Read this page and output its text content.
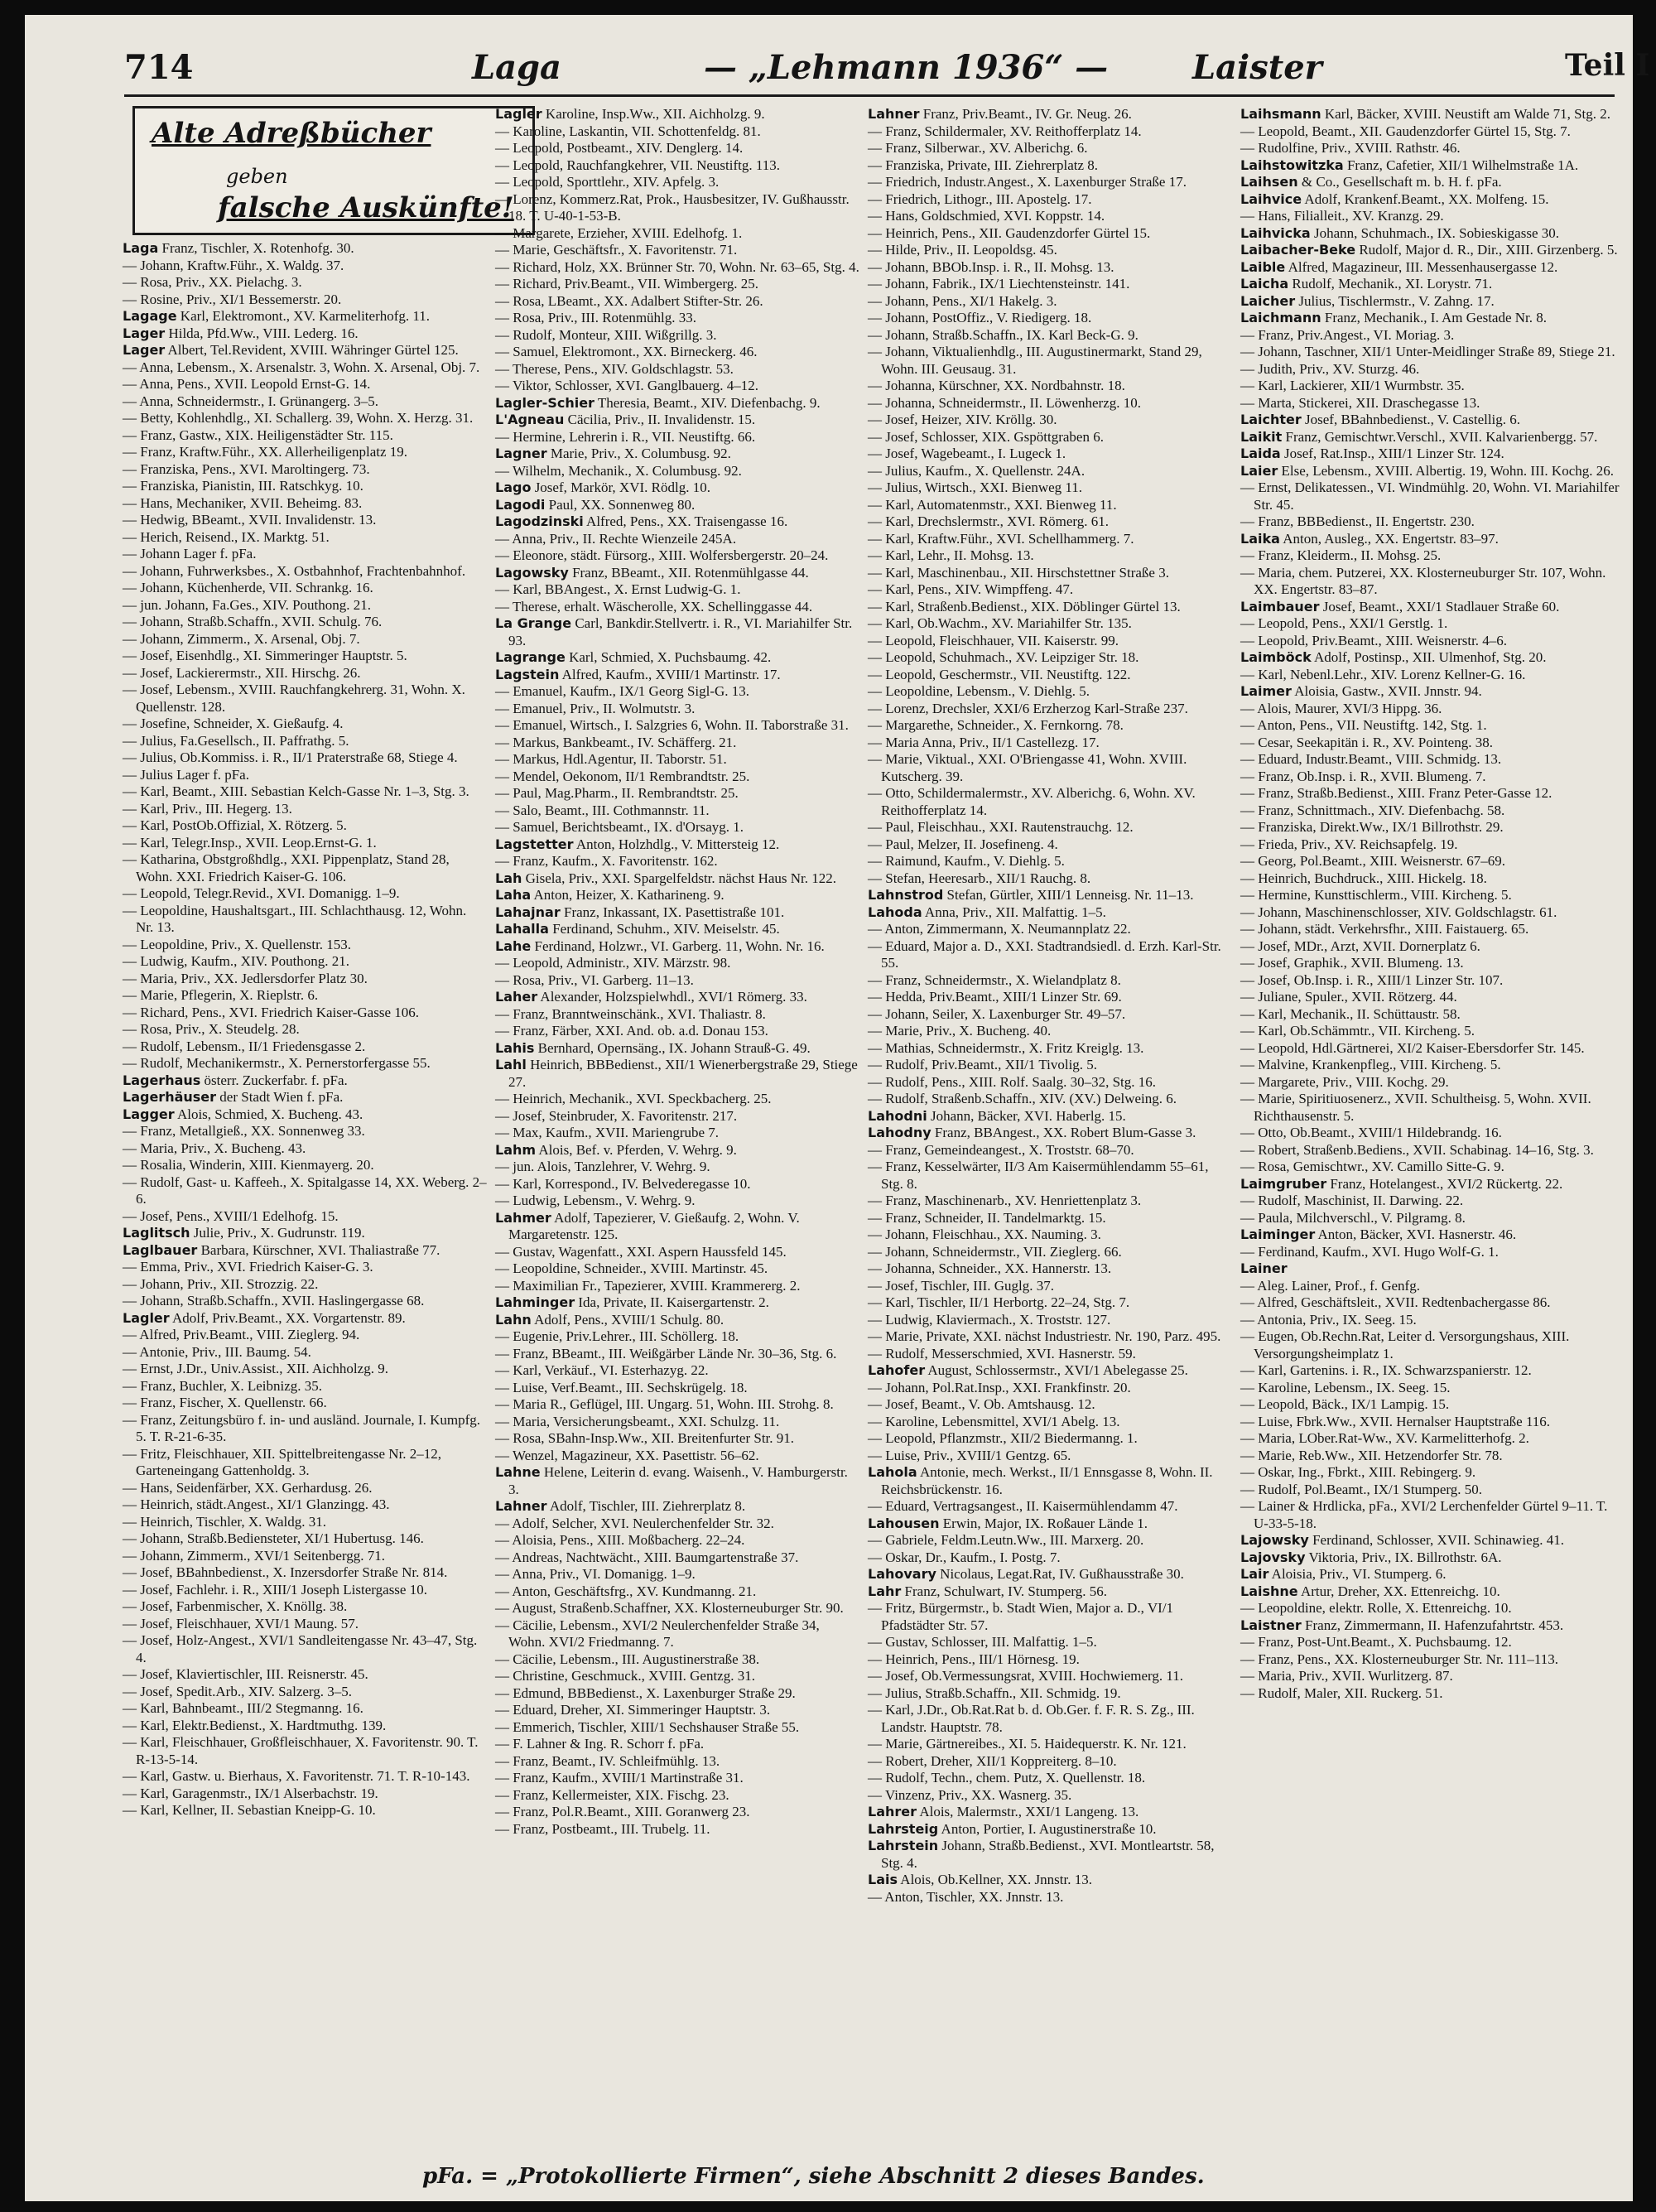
714	Laga	— „Lehmann 1936“ —	Laister	Teil I
Alte Adreßbücher
geben
falsche Auskünfte!

Laga Franz, Tischler, X. Rotenhofg. 30.

— Johann, Kraftw.Führ., X. Waldg. 37.

— Rosa, Priv., XX. Pielachg. 3.

— Rosine, Priv., XI/1 Bessemerstr. 20.

Lagage Karl, Elektromont., XV. Karmeliterhofg. 11.

Lager Hilda, Pfd.Ww., VIII. Lederg. 16.

Lager Albert, Tel.Revident, XVIII. Währinger Gürtel 125.

— Anna, Lebensm., X. Arsenalstr. 3, Wohn. X. Arsenal, Obj. 7.

— Anna, Pens., XVII. Leopold Ernst-G. 14.

— Anna, Schneidermstr., I. Grünangerg. 3–5.

— Betty, Kohlenhdlg., XI. Schallerg. 39, Wohn. X. Herzg. 31.

— Franz, Gastw., XIX. Heiligenstädter Str. 115.

— Franz, Kraftw.Führ., XX. Allerheiligenplatz 19.

— Franziska, Pens., XVI. Maroltingerg. 73.

— Franziska, Pianistin, III. Ratschkyg. 10.

— Hans, Mechaniker, XVII. Beheimg. 83.

— Hedwig, BBeamt., XVII. Invalidenstr. 13.

— Herich, Reisend., IX. Marktg. 51.

— Johann Lager f. pFa.

— Johann, Fuhrwerksbes., X. Ostbahnhof, Frachtenbahnhof.

— Johann, Küchenherde, VII. Schrankg. 16.

— jun. Johann, Fa.Ges., XIV. Pouthong. 21.

— Johann, Straßb.Schaffn., XVII. Schulg. 76.

— Johann, Zimmerm., X. Arsenal, Obj. 7.

— Josef, Eisenhdlg., XI. Simmeringer Hauptstr. 5.

— Josef, Lackierermstr., XII. Hirschg. 26.

— Josef, Lebensm., XVIII. Rauchfangkehrerg. 31, Wohn. X. Quellenstr. 128.

— Josefine, Schneider, X. Gießaufg. 4.

— Julius, Fa.Gesellsch., II. Paffrathg. 5.

— Julius, Ob.Kommiss. i. R., II/1 Praterstraße 68, Stiege 4.

— Julius Lager f. pFa.

— Karl, Beamt., XIII. Sebastian Kelch-Gasse Nr. 1–3, Stg. 3.

— Karl, Priv., III. Hegerg. 13.

— Karl, PostOb.Offizial, X. Rötzerg. 5.

— Karl, Telegr.Insp., XVII. Leop.Ernst-G. 1.

— Katharina, Obstgroßhdlg., XXI. Pippenplatz, Stand 28, Wohn. XXI. Friedrich Kaiser-G. 106.

— Leopold, Telegr.Revid., XVI. Domanigg. 1–9.

— Leopoldine, Haushaltsgart., III. Schlachthausg. 12, Wohn. Nr. 13.

— Leopoldine, Priv., X. Quellenstr. 153.

— Ludwig, Kaufm., XIV. Pouthong. 21.

— Maria, Priv., XX. Jedlersdorfer Platz 30.

— Marie, Pflegerin, X. Rieplstr. 6.

— Richard, Pens., XVI. Friedrich Kaiser-Gasse 106.

— Rosa, Priv., X. Steudelg. 28.

— Rudolf, Lebensm., II/1 Friedensgasse 2.

— Rudolf, Mechanikermstr., X. Pernerstorfergasse 55.

Lagerhaus österr. Zuckerfabr. f. pFa.

Lagerhäuser der Stadt Wien f. pFa.

Lagger Alois, Schmied, X. Bucheng. 43.

— Franz, Metallgieß., XX. Sonnenweg 33.

— Maria, Priv., X. Bucheng. 43.

— Rosalia, Winderin, XIII. Kienmayerg. 20.

— Rudolf, Gast- u. Kaffeeh., X. Spitalgasse 14, XX. Weberg. 2–6.

— Josef, Pens., XVIII/1 Edelhofg. 15.

Laglitsch Julie, Priv., X. Gudrunstr. 119.

Laglbauer Barbara, Kürschner, XVI. Thaliastraße 77.

— Emma, Priv., XVI. Friedrich Kaiser-G. 3.

— Johann, Priv., XII. Strozzig. 22.

— Johann, Straßb.Schaffn., XVII. Haslingergasse 68.

Lagler Adolf, Priv.Beamt., XX. Vorgartenstr. 89.

— Alfred, Priv.Beamt., VIII. Zieglerg. 94.

— Antonie, Priv., III. Baumg. 54.

— Ernst, J.Dr., Univ.Assist., XII. Aichholzg. 9.

— Franz, Buchler, X. Leibnizg. 35.

— Franz, Fischer, X. Quellenstr. 66.

— Franz, Zeitungsbüro f. in- und ausländ. Journale, I. Kumpfg. 5. T. R-21-6-35.

— Fritz, Fleischhauer, XII. Spittelbreitengasse Nr. 2–12, Garteneingang Gattenholdg. 3.

— Hans, Seidenfärber, XX. Gerhardusg. 26.

— Heinrich, städt.Angest., XI/1 Glanzingg. 43.

— Heinrich, Tischler, X. Waldg. 31.

— Johann, Straßb.Bediensteter, XI/1 Hubertusg. 146.

— Johann, Zimmerm., XVI/1 Seitenbergg. 71.

— Josef, BBahnbedienst., X. Inzersdorfer Straße Nr. 814.

— Josef, Fachlehr. i. R., XIII/1 Joseph Listergasse 10.

— Josef, Farbenmischer, X. Knöllg. 38.

— Josef, Fleischhauer, XVI/1 Maung. 57.

— Josef, Holz-Angest., XVI/1 Sandleitengasse Nr. 43–47, Stg. 4.

— Josef, Klaviertischler, III. Reisnerstr. 45.

— Josef, Spedit.Arb., XIV. Salzerg. 3–5.

— Karl, Bahnbeamt., III/2 Stegmanng. 16.

— Karl, Elektr.Bedienst., X. Hardtmuthg. 139.

— Karl, Fleischhauer, Großfleischhauer, X. Favoritenstr. 90. T. R-13-5-14.

— Karl, Gastw. u. Bierhaus, X. Favoritenstr. 71. T. R-10-143.

— Karl, Garagenmstr., IX/1 Alserbachstr. 19.

— Karl, Kellner, II. Sebastian Kneipp-G. 10.

Lagler Karoline, Insp.Ww., XII. Aichholzg. 9.

— Karoline, Laskantin, VII. Schottenfeldg. 81.

— Leopold, Postbeamt., XIV. Denglerg. 14.

— Leopold, Rauchfangkehrer, VII. Neustiftg. 113.

— Leopold, Sporttlehr., XIV. Apfelg. 3.

— Lorenz, Kommerz.Rat, Prok., Hausbesitzer, IV. Gußhausstr. 18. T. U-40-1-53-B.

— Margarete, Erzieher, XVIII. Edelhofg. 1.

— Marie, Geschäftsfr., X. Favoritenstr. 71.

— Richard, Holz, XX. Brünner Str. 70, Wohn. Nr. 63–65, Stg. 4.

— Richard, Priv.Beamt., VII. Wimbergerg. 25.

— Rosa, LBeamt., XX. Adalbert Stifter-Str. 26.

— Rosa, Priv., III. Rotenmühlg. 33.

— Rudolf, Monteur, XIII. Wißgrillg. 3.

— Samuel, Elektromont., XX. Birneckerg. 46.

— Therese, Pens., XIV. Goldschlagstr. 53.

— Viktor, Schlosser, XVI. Ganglbauerg. 4–12.

Lagler-Schier Theresia, Beamt., XIV. Diefenbachg. 9.

L'Agneau Cäcilia, Priv., II. Invalidenstr. 15.

— Hermine, Lehrerin i. R., VII. Neustiftg. 66.

Lagner Marie, Priv., X. Columbusg. 92.

— Wilhelm, Mechanik., X. Columbusg. 92.

Lago Josef, Markör, XVI. Rödlg. 10.

Lagodi Paul, XX. Sonnenweg 80.

Lagodzinski Alfred, Pens., XX. Traisengasse 16.

— Anna, Priv., II. Rechte Wienzeile 245A.

— Eleonore, städt. Fürsorg., XIII. Wolfersbergerstr. 20–24.

Lagowsky Franz, BBeamt., XII. Rotenmühlgasse 44.

— Karl, BBAngest., X. Ernst Ludwig-G. 1.

— Therese, erhalt. Wäscherolle, XX. Schellinggasse 44.

La Grange Carl, Bankdir.Stellvertr. i. R., VI. Mariahilfer Str. 93.

Lagrange Karl, Schmied, X. Puchsbaumg. 42.

Lagstein Alfred, Kaufm., XVIII/1 Martinstr. 17.

— Emanuel, Kaufm., IX/1 Georg Sigl-G. 13.

— Emanuel, Priv., II. Wolmutstr. 3.

— Emanuel, Wirtsch., I. Salzgries 6, Wohn. II. Taborstraße 31.

— Markus, Bankbeamt., IV. Schäfferg. 21.

— Markus, Hdl.Agentur, II. Taborstr. 51.

— Mendel, Oekonom, II/1 Rembrandtstr. 25.

— Paul, Mag.Pharm., II. Rembrandtstr. 25.

— Salo, Beamt., III. Cothmannstr. 11.

— Samuel, Berichtsbeamt., IX. d'Orsayg. 1.

Lagstetter Anton, Holzhdlg., V. Mittersteig 12.

— Franz, Kaufm., X. Favoritenstr. 162.

Lah Gisela, Priv., XXI. Spargelfeldstr. nächst Haus Nr. 122.

Laha Anton, Heizer, X. Katharineng. 9.

Lahajnar Franz, Inkassant, IX. Pasettistraße 101.

Lahalla Ferdinand, Schuhm., XIV. Meiselstr. 45.

Lahe Ferdinand, Holzwr., VI. Garberg. 11, Wohn. Nr. 16.

— Leopold, Administr., XIV. Märzstr. 98.

— Rosa, Priv., VI. Garberg. 11–13.

Laher Alexander, Holzspielwhdl., XVI/1 Römerg. 33.

— Franz, Branntweinschänk., XVI. Thaliastr. 8.

— Franz, Färber, XXI. And. ob. a.d. Donau 153.

Lahis Bernhard, Opernsäng., IX. Johann Strauß-G. 49.

Lahl Heinrich, BBBedienst., XII/1 Wienerbergstraße 29, Stiege 27.

— Heinrich, Mechanik., XVI. Speckbacherg. 25.

— Josef, Steinbruder, X. Favoritenstr. 217.

— Max, Kaufm., XVII. Mariengrube 7.

Lahm Alois, Bef. v. Pferden, V. Wehrg. 9.

— jun. Alois, Tanzlehrer, V. Wehrg. 9.

— Karl, Korrespond., IV. Belvederegasse 10.

— Ludwig, Lebensm., V. Wehrg. 9.

Lahmer Adolf, Tapezierer, V. Gießaufg. 2, Wohn. V. Margaretenstr. 125.

— Gustav, Wagenfatt., XXI. Aspern Haussfeld 145.

— Leopoldine, Schneider., XVIII. Martinstr. 45.

— Maximilian Fr., Tapezierer, XVIII. Krammererg. 2.

Lahminger Ida, Private, II. Kaisergartenstr. 2.

Lahn Adolf, Pens., XVIII/1 Schulg. 80.

— Eugenie, Priv.Lehrer., III. Schöllerg. 18.

— Franz, BBeamt., III. Weißgärber Lände Nr. 30–36, Stg. 6.

— Karl, Verkäuf., VI. Esterhazyg. 22.

— Luise, Verf.Beamt., III. Sechskrügelg. 18.

— Maria R., Geflügel, III. Ungarg. 51, Wohn. III. Strohg. 8.

— Maria, Versicherungsbeamt., XXI. Schulzg. 11.

— Rosa, SBahn-Insp.Ww., XII. Breitenfurter Str. 91.

— Wenzel, Magazineur, XX. Pasettistr. 56–62.

Lahne Helene, Leiterin d. evang. Waisenh., V. Hamburgerstr. 3.

Lahner Adolf, Tischler, III. Ziehrerplatz 8.

— Adolf, Selcher, XVI. Neulerchenfelder Str. 32.

— Aloisia, Pens., XIII. Moßbacherg. 22–24.

— Andreas, Nachtwächt., XIII. Baumgartenstraße 37.

— Anna, Priv., VI. Domanigg. 1–9.

— Anton, Geschäftsfrg., XV. Kundmanng. 21.

— August, Straßenb.Schaffner, XX. Klosterneuburger Str. 90.

— Cäcilie, Lebensm., XVI/2 Neulerchenfelder Straße 34, Wohn. XVI/2 Friedmanng. 7.

— Cäcilie, Lebensm., III. Augustinerstraße 38.

— Christine, Geschmuck., XVIII. Gentzg. 31.

— Edmund, BBBedienst., X. Laxenburger Straße 29.

— Eduard, Dreher, XI. Simmeringer Hauptstr. 3.

— Emmerich, Tischler, XIII/1 Sechshauser Straße 55.

— F. Lahner & Ing. R. Schorr f. pFa.

— Franz, Beamt., IV. Schleifmühlg. 13.

— Franz, Kaufm., XVIII/1 Martinstraße 31.

— Franz, Kellermeister, XIX. Fischg. 23.

— Franz, Pol.R.Beamt., XIII. Goranwerg 23.

— Franz, Postbeamt., III. Trubelg. 11.

Lahner Franz, Priv.Beamt., IV. Gr. Neug. 26.

— Franz, Schildermaler, XV. Reithofferplatz 14.

— Franz, Silberwar., XV. Alberichg. 6.

— Franziska, Private, III. Ziehrerplatz 8.

— Friedrich, Industr.Angest., X. Laxenburger Straße 17.

— Friedrich, Lithogr., III. Apostelg. 17.

— Hans, Goldschmied, XVI. Koppstr. 14.

— Heinrich, Pens., XII. Gaudenzdorfer Gürtel 15.

— Hilde, Priv., II. Leopoldsg. 45.

— Johann, BBOb.Insp. i. R., II. Mohsg. 13.

— Johann, Fabrik., IX/1 Liechtensteinstr. 141.

— Johann, Pens., XI/1 Hakelg. 3.

— Johann, PostOffiz., V. Riedigerg. 18.

— Johann, Straßb.Schaffn., IX. Karl Beck-G. 9.

— Johann, Viktualienhdlg., III. Augustinermarkt, Stand 29, Wohn. III. Geusaug. 31.

— Johanna, Kürschner, XX. Nordbahnstr. 18.

— Johanna, Schneidermstr., II. Löwenherzg. 10.

— Josef, Heizer, XIV. Kröllg. 30.

— Josef, Schlosser, XIX. Gspöttgraben 6.

— Josef, Wagebeamt., I. Lugeck 1.

— Julius, Kaufm., X. Quellenstr. 24A.

— Julius, Wirtsch., XXI. Bienweg 11.

— Karl, Automatenmstr., XXI. Bienweg 11.

— Karl, Drechslermstr., XVI. Römerg. 61.

— Karl, Kraftw.Führ., XVI. Schellhammerg. 7.

— Karl, Lehr., II. Mohsg. 13.

— Karl, Maschinenbau., XII. Hirschstettner Straße 3.

— Karl, Pens., XIV. Wimpffeng. 47.

— Karl, Straßenb.Bedienst., XIX. Döblinger Gürtel 13.

— Karl, Ob.Wachm., XV. Mariahilfer Str. 135.

— Leopold, Fleischhauer, VII. Kaiserstr. 99.

— Leopold, Schuhmach., XV. Leipziger Str. 18.

— Leopold, Geschermstr., VII. Neustiftg. 122.

— Leopoldine, Lebensm., V. Diehlg. 5.

— Lorenz, Drechsler, XXI/6 Erzherzog Karl-Straße 237.

— Margarethe, Schneider., X. Fernkorng. 78.

— Maria Anna, Priv., II/1 Castellezg. 17.

— Marie, Viktual., XXI. O'Briengasse 41, Wohn. XVIII. Kutscherg. 39.

— Otto, Schildermalermstr., XV. Alberichg. 6, Wohn. XV. Reithofferplatz 14.

— Paul, Fleischhau., XXI. Rautenstrauchg. 12.

— Paul, Melzer, II. Josefineng. 4.

— Raimund, Kaufm., V. Diehlg. 5.

— Stefan, Heeresarb., XII/1 Rauchg. 8.

Lahnstrod Stefan, Gürtler, XIII/1 Lenneisg. Nr. 11–13.

Lahoda Anna, Priv., XII. Malfattig. 1–5.

— Anton, Zimmermann, X. Neumannplatz 22.

— Eduard, Major a. D., XXI. Stadtrandsiedl. d. Erzh. Karl-Str. 55.

— Franz, Schneidermstr., X. Wielandplatz 8.

— Hedda, Priv.Beamt., XIII/1 Linzer Str. 69.

— Johann, Seiler, X. Laxenburger Str. 49–57.

— Marie, Priv., X. Bucheng. 40.

— Mathias, Schneidermstr., X. Fritz Kreiglg. 13.

— Rudolf, Priv.Beamt., XII/1 Tivolig. 5.

— Rudolf, Pens., XIII. Rolf. Saalg. 30–32, Stg. 16.

— Rudolf, Straßenb.Schaffn., XIV. (XV.) Delweing. 6.

Lahodni Johann, Bäcker, XVI. Haberlg. 15.

Lahodny Franz, BBAngest., XX. Robert Blum-Gasse 3.

— Franz, Gemeindeangest., X. Troststr. 68–70.

— Franz, Kesselwärter, II/3 Am Kaisermühlendamm 55–61, Stg. 8.

— Franz, Maschinenarb., XV. Henriettenplatz 3.

— Franz, Schneider, II. Tandelmarktg. 15.

— Johann, Fleischhau., XX. Nauming. 3.

— Johann, Schneidermstr., VII. Zieglerg. 66.

— Johanna, Schneider., XX. Hannerstr. 13.

— Josef, Tischler, III. Guglg. 37.

— Karl, Tischler, II/1 Herbortg. 22–24, Stg. 7.

— Ludwig, Klaviermach., X. Troststr. 127.

— Marie, Private, XXI. nächst Industriestr. Nr. 190, Parz. 495.

— Rudolf, Messerschmied, XVI. Hasnerstr. 59.

Lahofer August, Schlossermstr., XVI/1 Abelegasse 25.

— Johann, Pol.Rat.Insp., XXI. Frankfinstr. 20.

— Josef, Beamt., V. Ob. Amtshausg. 12.

— Karoline, Lebensmittel, XVI/1 Abelg. 13.

— Leopold, Pflanzmstr., XII/2 Biedermanng. 1.

— Luise, Priv., XVIII/1 Gentzg. 65.

Lahola Antonie, mech. Werkst., II/1 Ennsgasse 8, Wohn. II. Reichsbrückenstr. 16.

— Eduard, Vertragsangest., II. Kaisermühlendamm 47.

Lahousen Erwin, Major, IX. Roßauer Lände 1.

— Gabriele, Feldm.Leutn.Ww., III. Marxerg. 20.

— Oskar, Dr., Kaufm., I. Postg. 7.

Lahovary Nicolaus, Legat.Rat, IV. Gußhausstraße 30.

Lahr Franz, Schulwart, IV. Stumperg. 56.

— Fritz, Bürgermstr., b. Stadt Wien, Major a. D., VI/1 Pfadstädter Str. 57.

— Gustav, Schlosser, III. Malfattig. 1–5.

— Heinrich, Pens., III/1 Hörnesg. 19.

— Josef, Ob.Vermessungsrat, XVIII. Hochwiemerg. 11.

— Julius, Straßb.Schaffn., XII. Schmidg. 19.

— Karl, J.Dr., Ob.Rat.Rat b. d. Ob.Ger. f. F. R. S. Zg., III. Landstr. Hauptstr. 78.

— Marie, Gärtnereibes., XI. 5. Haidequerstr. K. Nr. 121.

— Robert, Dreher, XII/1 Koppreiterg. 8–10.

— Rudolf, Techn., chem. Putz, X. Quellenstr. 18.

— Vinzenz, Priv., XX. Wasnerg. 35.

Lahrer Alois, Malermstr., XXI/1 Langeng. 13.

Lahrsteig Anton, Portier, I. Augustinerstraße 10.

Lahrstein Johann, Straßb.Bedienst., XVI. Montleartstr. 58, Stg. 4.

Lais Alois, Ob.Kellner, XX. Jnnstr. 13.

— Anton, Tischler, XX. Jnnstr. 13.

Laihsmann Karl, Bäcker, XVIII. Neustift am Walde 71, Stg. 2.

— Leopold, Beamt., XII. Gaudenzdorfer Gürtel 15, Stg. 7.

— Rudolfine, Priv., XVIII. Rathstr. 46.

Laihstowitzka Franz, Cafetier, XII/1 Wilhelmstraße 1A.

Laihsen & Co., Gesellschaft m. b. H. f. pFa.

Laihvice Adolf, Krankenf.Beamt., XX. Molfeng. 15.

— Hans, Filialleit., XV. Kranzg. 29.

Laihvicka Johann, Schuhmach., IX. Sobieskigasse 30.

Laibacher-Beke Rudolf, Major d. R., Dir., XIII. Girzenberg. 5.

Laible Alfred, Magazineur, III. Messenhausergasse 12.

Laicha Rudolf, Mechanik., XI. Lorystr. 71.

Laicher Julius, Tischlermstr., V. Zahng. 17.

Laichmann Franz, Mechanik., I. Am Gestade Nr. 8.

— Franz, Priv.Angest., VI. Moriag. 3.

— Johann, Taschner, XII/1 Unter-Meidlinger Straße 89, Stiege 21.

— Judith, Priv., XV. Sturzg. 46.

— Karl, Lackierer, XII/1 Wurmbstr. 35.

— Marta, Stickerei, XII. Draschegasse 13.

Laichter Josef, BBahnbedienst., V. Castellig. 6.

Laikit Franz, Gemischtwr.Verschl., XVII. Kalvarienbergg. 57.

Laida Josef, Rat.Insp., XIII/1 Linzer Str. 124.

Laier Else, Lebensm., XVIII. Albertig. 19, Wohn. III. Kochg. 26.

— Ernst, Delikatessen., VI. Windmühlg. 20, Wohn. VI. Mariahilfer Str. 45.

— Franz, BBBedienst., II. Engertstr. 230.

Laika Anton, Ausleg., XX. Engertstr. 83–97.

— Franz, Kleiderm., II. Mohsg. 25.

— Maria, chem. Putzerei, XX. Klosterneuburger Str. 107, Wohn. XX. Engertstr. 83–87.

Laimbauer Josef, Beamt., XXI/1 Stadlauer Straße 60.

— Leopold, Pens., XXI/1 Gerstlg. 1.

— Leopold, Priv.Beamt., XIII. Weisnerstr. 4–6.

Laimböck Adolf, Postinsp., XII. Ulmenhof, Stg. 20.

— Karl, Nebenl.Lehr., XIV. Lorenz Kellner-G. 16.

Laimer Aloisia, Gastw., XVII. Jnnstr. 94.

— Alois, Maurer, XVI/3 Hippg. 36.

— Anton, Pens., VII. Neustiftg. 142, Stg. 1.

— Cesar, Seekapitän i. R., XV. Pointeng. 38.

— Eduard, Industr.Beamt., VIII. Schmidg. 13.

— Franz, Ob.Insp. i. R., XVII. Blumeng. 7.

— Franz, Straßb.Bedienst., XIII. Franz Peter-Gasse 12.

— Franz, Schnittmach., XIV. Diefenbachg. 58.

— Franziska, Direkt.Ww., IX/1 Billrothstr. 29.

— Frieda, Priv., XV. Reichsapfelg. 19.

— Georg, Pol.Beamt., XIII. Weisnerstr. 67–69.

— Heinrich, Buchdruck., XIII. Hickelg. 18.

— Hermine, Kunsttischlerm., VIII. Kircheng. 5.

— Johann, Maschinenschlosser, XIV. Goldschlagstr. 61.

— Johann, städt. Verkehrsfhr., XIII. Faistauerg. 65.

— Josef, MDr., Arzt, XVII. Dornerplatz 6.

— Josef, Graphik., XVII. Blumeng. 13.

— Josef, Ob.Insp. i. R., XIII/1 Linzer Str. 107.

— Juliane, Spuler., XVII. Rötzerg. 44.

— Karl, Mechanik., II. Schüttaustr. 58.

— Karl, Ob.Schämmtr., VII. Kircheng. 5.

— Leopold, Hdl.Gärtnerei, XI/2 Kaiser-Ebersdorfer Str. 145.

— Malvine, Krankenpfleg., VIII. Kircheng. 5.

— Margarete, Priv., VIII. Kochg. 29.

— Marie, Spiritiuosenerz., XVII. Schultheisg. 5, Wohn. XVII. Richthausenstr. 5.

— Otto, Ob.Beamt., XVIII/1 Hildebrandg. 16.

— Robert, Straßenb.Bediens., XVII. Schabinag. 14–16, Stg. 3.

— Rosa, Gemischtwr., XV. Camillo Sitte-G. 9.

Laimgruber Franz, Hotelangest., XVI/2 Rückertg. 22.

— Rudolf, Maschinist, II. Darwing. 22.

— Paula, Milchverschl., V. Pilgramg. 8.

Laiminger Anton, Bäcker, XVI. Hasnerstr. 46.

— Ferdinand, Kaufm., XVI. Hugo Wolf-G. 1.

Lainer

— Aleg. Lainer, Prof., f. Genfg.

— Alfred, Geschäftsleit., XVII. Redtenbachergasse 86.

— Antonia, Priv., IX. Seeg. 15.

— Eugen, Ob.Rechn.Rat, Leiter d. Versorgungshaus, XIII. Versorgungsheimplatz 1.

— Karl, Gartenins. i. R., IX. Schwarzspanierstr. 12.

— Karoline, Lebensm., IX. Seeg. 15.

— Leopold, Bäck., IX/1 Lampig. 15.

— Luise, Fbrk.Ww., XVII. Hernalser Hauptstraße 116.

— Maria, LOber.Rat-Ww., XV. Karmelitterhofg. 2.

— Marie, Reb.Ww., XII. Hetzendorfer Str. 78.

— Oskar, Ing., Fbrkt., XIII. Rebingerg. 9.

— Rudolf, Pol.Beamt., IX/1 Stumperg. 50.

— Lainer & Hrdlicka, pFa., XVI/2 Lerchenfelder Gürtel 9–11. T. U-33-5-18.

Lajowsky Ferdinand, Schlosser, XVII. Schinawieg. 41.

Lajovsky Viktoria, Priv., IX. Billrothstr. 6A.

Lair Aloisia, Priv., VI. Stumperg. 6.

Laishne Artur, Dreher, XX. Ettenreichg. 10.

— Leopoldine, elektr. Rolle, X. Ettenreichg. 10.

Laistner Franz, Zimmermann, II. Hafenzufahrtstr. 453.

— Franz, Post-Unt.Beamt., X. Puchsbaumg. 12.

— Franz, Pens., XX. Klosterneuburger Str. Nr. 111–113.

— Maria, Priv., XVII. Wurlitzerg. 87.

— Rudolf, Maler, XII. Ruckerg. 51.

pFa. = „Protokollierte Firmen“, siehe Abschnitt 2 dieses Bandes.
